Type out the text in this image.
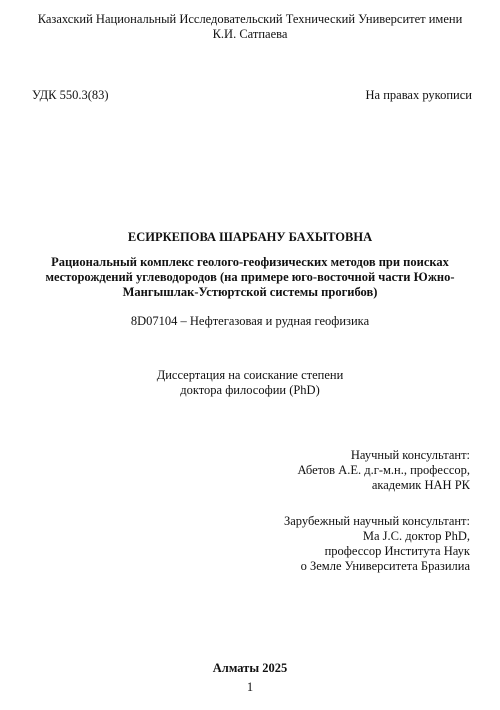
Казахский Национальный Исследовательский Технический Университет имени
К.И. Сатпаева
УДК 550.3(83)	На правах рукописи
ЕСИРКЕПОВА ШАРБАНУ БАХЫТОВНА
Рациональный комплекс геолого-геофизических методов при поисках
месторождений углеводородов (на примере юго-восточной части Южно-
Мангышлак-Устюртской системы прогибов)
8D07104 – Нефтегазовая и рудная геофизика
Диссертация на соискание степени
доктора философии (PhD)
Научный консультант:
Абетов А.Е. д.г-м.н., профессор,
академик НАН РК
Зарубежный научный консультант:
Ma J.C. доктор PhD,
профессор Института Наук
о Земле Университета Бразилиа
Алматы 2025
1
